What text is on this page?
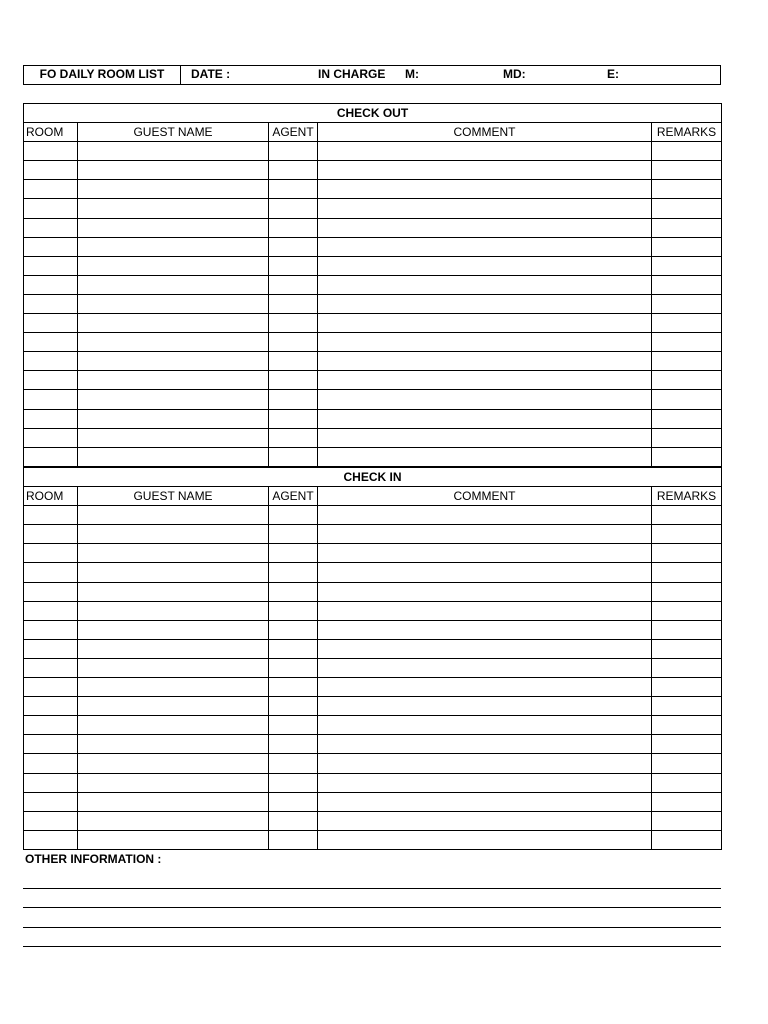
FO DAILY ROOM LIST	DATE :	IN CHARGE M:	MD:	E:
CHECK OUT				
ROOM	GUEST NAME	AGENT	COMMENT	REMARKS

CHECK IN				
ROOM	GUEST NAME	AGENT	COMMENT	REMARKS

OTHER INFORMATION :
